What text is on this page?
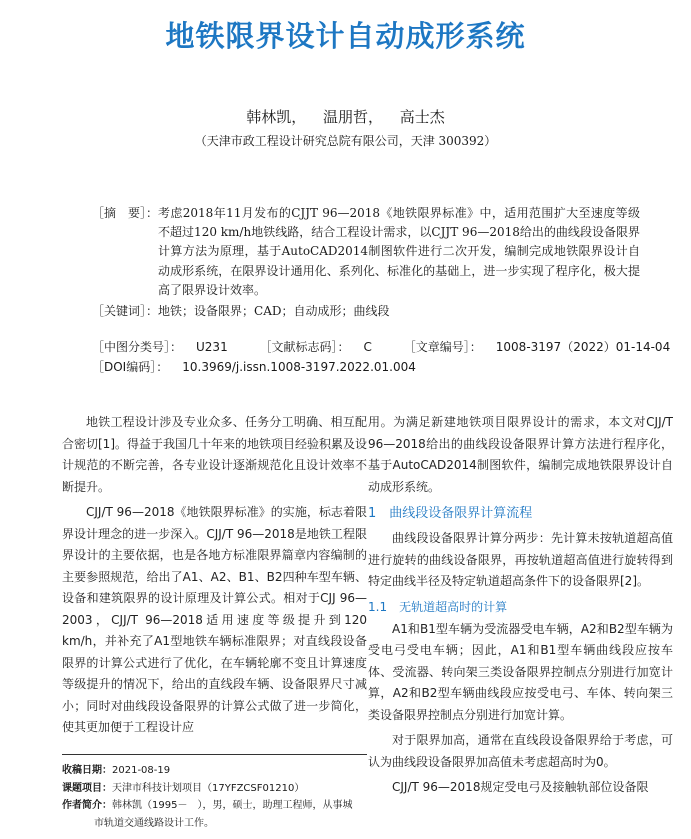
地铁限界设计自动成形系统
韩林凯， 温朋哲， 高士杰
（天津市政工程设计研究总院有限公司，天津 300392）
［摘　要］： 考虑2018年11月发布的CJJT 96—2018《地铁限界标准》中，适用范围扩大至速度等级不超过120 km/h地铁线路，结合工程设计需求，以CJJT 96—2018给出的曲线段设备限界计算方法为原理，基于AutoCAD2014制图软件进行二次开发，编制完成地铁限界设计自动成形系统，在限界设计通用化、系列化、标准化的基础上，进一步实现了程序化，极大提高了限界设计效率。
［关键词］： 地铁；设备限界；CAD；自动成形；曲线段
［中图分类号］： U231	［文献标志码］： C	［文章编号］： 1008-3197（2022）01-14-04
［DOI编码］： 10.3969/j.issn.1008-3197.2022.01.004

地铁工程设计涉及专业众多、任务分工明确、相互配合密切[1]。得益于我国几十年来的地铁项目经验积累及设计规范的不断完善，各专业设计逐渐规范化且设计效率不断提升。

CJJ/T 96—2018《地铁限界标准》的实施，标志着限界设计理念的进一步深入。CJJ/T 96—2018是地铁工程限界设计的主要依据，也是各地方标准限界篇章内容编制的主要参照规范，给出了A1、A2、B1、B2四种车型车辆、设备和建筑限界的设计原理及计算公式。相对于CJJ 96—2003，CJJ/T 96—2018适用速度等级提升到120 km/h，并补充了A1型地铁车辆标准限界；对直线段设备限界的计算公式进行了优化，在车辆轮廓不变且计算速度等级提升的情况下，给出的直线段车辆、设备限界尺寸减小；同时对曲线段设备限界的计算公式做了进一步简化，使其更加便于工程设计应

用。为满足新建地铁项目限界设计的需求，本文对CJJ/T 96—2018给出的曲线段设备限界计算方法进行程序化，基于AutoCAD2014制图软件，编制完成地铁限界设计自动成形系统。

1　曲线段设备限界计算流程

曲线段设备限界计算分两步：先计算未按轨道超高值进行旋转的曲线设备限界，再按轨道超高值进行旋转得到特定曲线半径及特定轨道超高条件下的设备限界[2]。

1.1　无轨道超高时的计算

A1和B1型车辆为受流器受电车辆，A2和B2型车辆为受电弓受电车辆；因此，A1和B1型车辆曲线段应按车体、受流器、转向架三类设备限界控制点分别进行加宽计算，A2和B2型车辆曲线段应按受电弓、车体、转向架三类设备限界控制点分别进行加宽计算。

对于限界加高，通常在直线段设备限界给于考虑，可认为曲线段设备限界加高值未考虑超高时为0。

CJJ/T 96—2018规定受电弓及接触轨部位设备限

收稿日期：2021-08-19
课题项目：天津市科技计划项目（17YFZCSF01210）
作者简介：韩林凯（1995－　），男，硕士，助理工程师，从事城
市轨道交通线路设计工作。
